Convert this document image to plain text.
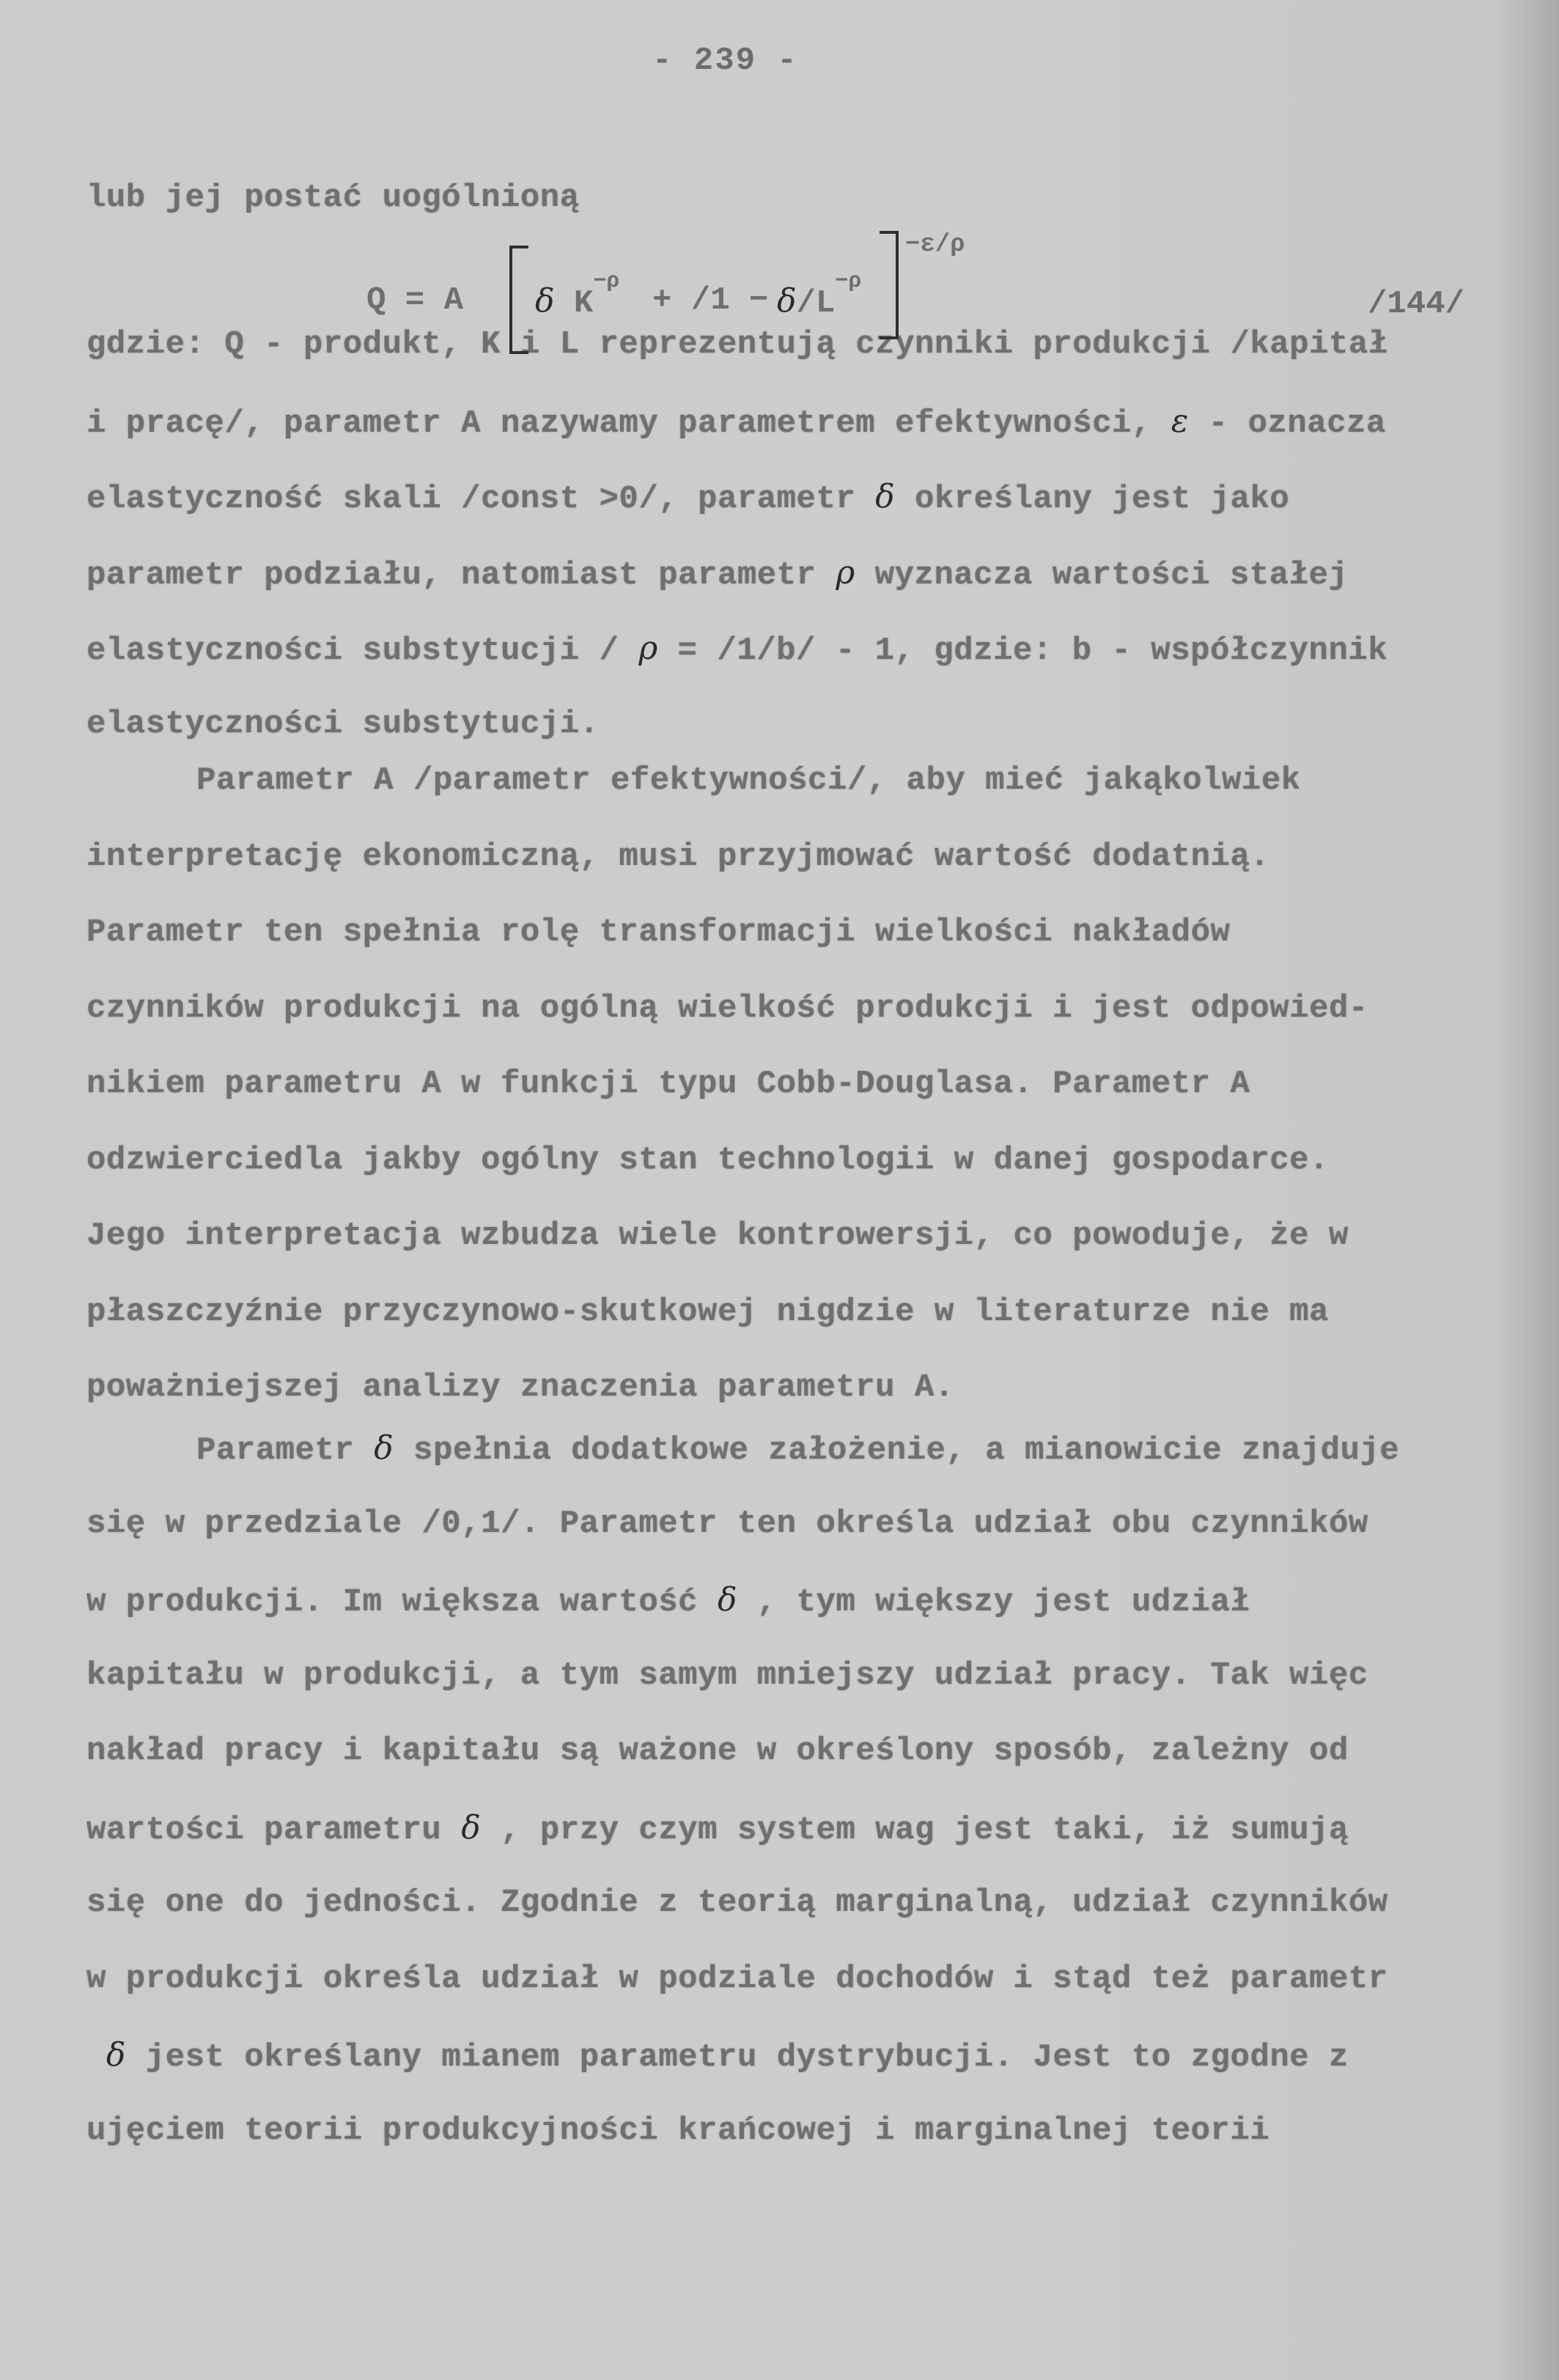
- 239 -
lub jej postać uogólnioną
gdzie: Q - produkt, K i L reprezentują czynniki produkcji /kapitał
i pracę/, parametr A nazywamy parametrem efektywności, ε - oznacza
elastyczność skali /const >0/, parametr δ określany jest jako
parametr podziału, natomiast parametr ρ wyznacza wartości stałej
elastyczności substytucji / ρ = /1/b/ - 1, gdzie: b - współczynnik
elastyczności substytucji.
Parametr A /parametr efektywności/, aby mieć jakąkolwiek
interpretację ekonomiczną, musi przyjmować wartość dodatnią.
Parametr ten spełnia rolę transformacji wielkości nakładów
czynników produkcji na ogólną wielkość produkcji i jest odpowied-
nikiem parametru A w funkcji typu Cobb-Douglasa. Parametr A
odzwierciedla jakby ogólny stan technologii w danej gospodarce.
Jego interpretacja wzbudza wiele kontrowersji, co powoduje, że w
płaszczyźnie przyczynowo-skutkowej nigdzie w literaturze nie ma
poważniejszej analizy znaczenia parametru A.
Parametr δ spełnia dodatkowe założenie, a mianowicie znajduje
się w przedziale /0,1/. Parametr ten określa udział obu czynników
w produkcji. Im większa wartość δ , tym większy jest udział
kapitału w produkcji, a tym samym mniejszy udział pracy. Tak więc
nakład pracy i kapitału są ważone w określony sposób, zależny od
wartości parametru δ , przy czym system wag jest taki, iż sumują
się one do jedności. Zgodnie z teorią marginalną, udział czynników
w produkcji określa udział w podziale dochodów i stąd też parametr
δ jest określany mianem parametru dystrybucji. Jest to zgodne z
ujęciem teorii produkcyjności krańcowej i marginalnej teorii
Q = A δ $K^{-\rho}$
+ $/1 - \delta/L^{-\rho}$
−ε/ρ
/144/
